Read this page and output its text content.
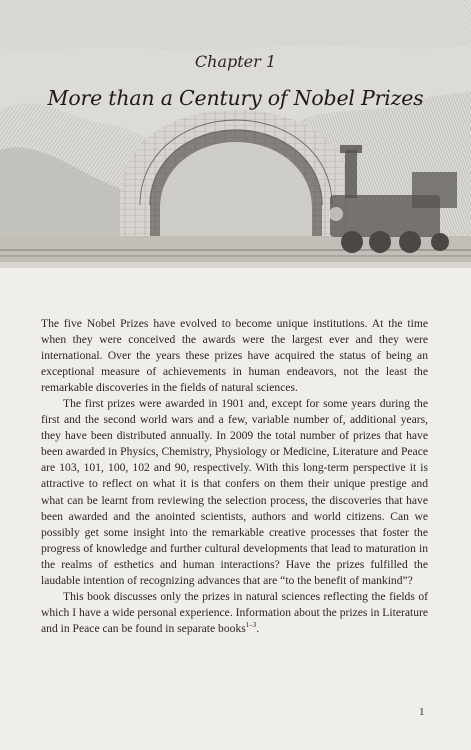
Chapter 1
More than a Century of Nobel Prizes

The five Nobel Prizes have evolved to become unique institutions. At the time when they were conceived the awards were the largest ever and they were international. Over the years these prizes have acquired the status of being an exceptional measure of achievements in human endeavors, not the least the remarkable discoveries in the fields of natural sciences.

The first prizes were awarded in 1901 and, except for some years during the first and the second world wars and a few, variable number of, additional years, they have been distributed annually. In 2009 the total number of prizes that have been awarded in Physics, Chemistry, Physiology or Medicine, Literature and Peace are 103, 101, 100, 102 and 90, respectively. With this long-term perspective it is attractive to reflect on what it is that confers on them their unique prestige and what can be learnt from reviewing the selection process, the discoveries that have been awarded and the anointed scientists, authors and world citizens. Can we possibly get some insight into the remarkable creative processes that foster the progress of knowledge and further cultural developments that lead to maturation in the realms of esthetics and human interactions? Have the prizes fulfilled the laudable intention of recognizing advances that are “to the benefit of mankind”?

This book discusses only the prizes in natural sciences reflecting the fields of which I have a wide personal experience. Information about the prizes in Literature and in Peace can be found in separate books$^{1-3}$.

1
